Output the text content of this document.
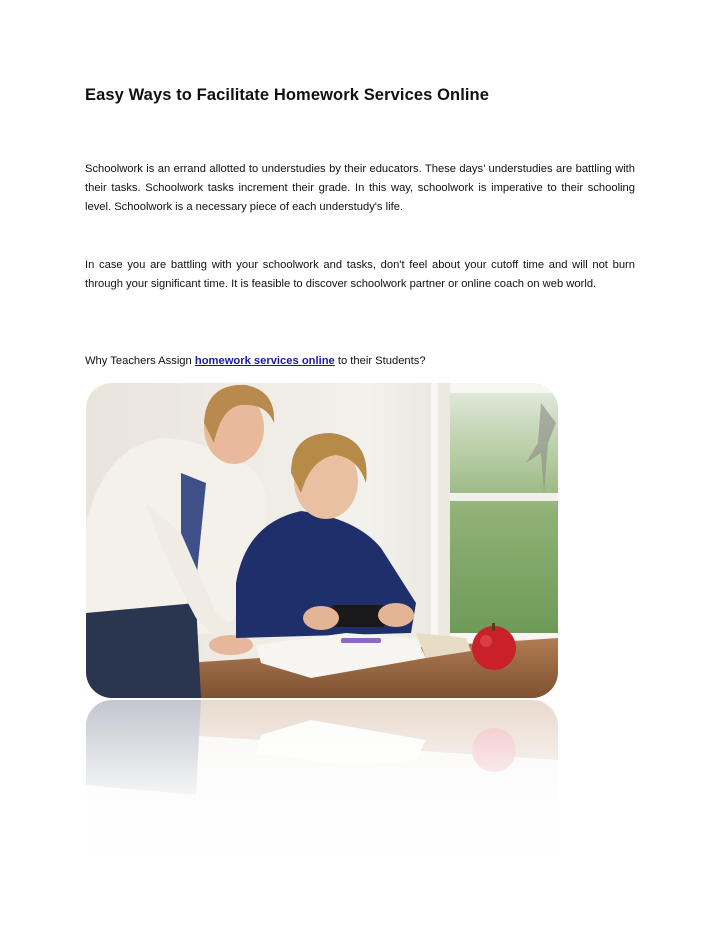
Easy Ways to Facilitate Homework Services Online

Schoolwork is an errand allotted to understudies by their educators. These days’ understudies are battling with their tasks. Schoolwork tasks increment their grade. In this way, schoolwork is imperative to their schooling level. Schoolwork is a necessary piece of each understudy's life.

In case you are battling with your schoolwork and tasks, don't feel about your cutoff time and will not burn through your significant time. It is feasible to discover schoolwork partner or online coach on web world.

Why Teachers Assign homework services online to their Students?
